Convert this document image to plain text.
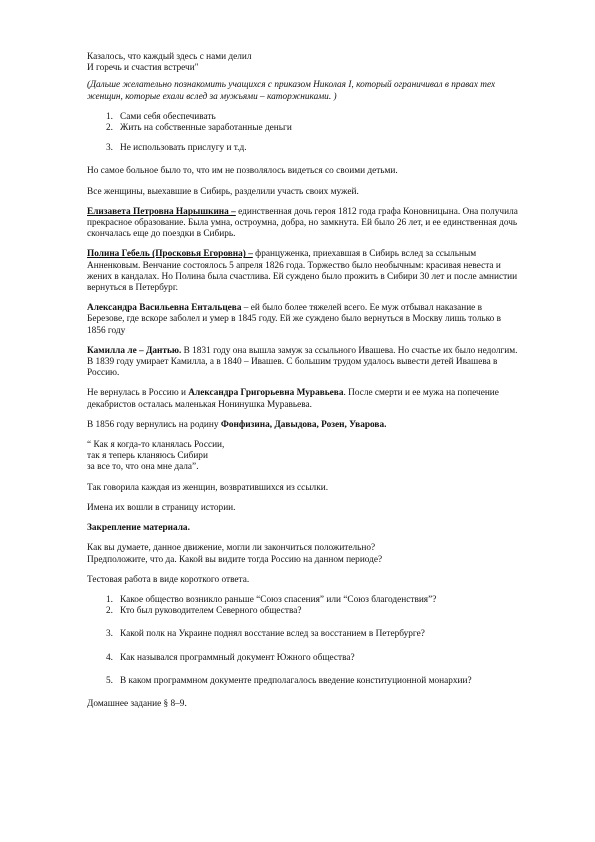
Казалось, что каждый здесь с нами делил

И горечь и счастия встречи"

(Дальше желательно познакомить учащихся с приказом Николая I, который ограничивал в правах тех женщин, которые ехали вслед за мужьями – каторжниками. )

1. Сами себя обеспечивать
2. Жить на собственные заработанные деньги
3. Не использовать прислугу и т.д.

Но самое больное было то, что им не позволялось видеться со своими детьми.

Все женщины, выехавшие в Сибирь, разделили участь своих мужей.

Елизавета Петровна Нарышкина – единственная дочь героя 1812 года графа Коновницына. Она получила прекрасное образование. Была умна, остроумна, добра, но замкнута. Ей было 26 лет, и ее единственная дочь скончалась еще до поездки в Сибирь.

Полина Гебель (Просковья Егоровна) – француженка, приехавшая в Сибирь вслед за ссыльным Анненковым. Венчание состоялось 5 апреля 1826 года. Торжество было необычным: красивая невеста и жених в кандалах. Но Полина была счастлива. Ей суждено было прожить в Сибири 30 лет и после амнистии вернуться в Петербург.

Александра Васильевна Ентальцева – ей было более тяжелей всего. Ее муж отбывал наказание в Березове, где вскоре заболел и умер в 1845 году. Ей же суждено было вернуться в Москву лишь только в 1856 году

Камилла ле – Дантью. В 1831 году она вышла замуж за ссыльного Ивашева. Но счастье их было недолгим. В 1839 году умирает Камилла, а в 1840 – Ивашев. С большим трудом удалось вывести детей Ивашева в Россию.

Не вернулась в Россию и Александра Григорьевна Муравьева. После смерти и ее мужа на попечение декабристов осталась маленькая Нонинушка Муравьева.

В 1856 году вернулись на родину Фонфизина, Давыдова, Розен, Уварова.

“ Как я когда-то кланялась России,

так я теперь кланяюсь Сибири

за все то, что она мне дала”.

Так говорила каждая из женщин, возвратившихся из ссылки.

Имена их вошли в страницу истории.

Закрепление материала.

Как вы думаете, данное движение, могли ли закончиться положительно?

Предположите, что да. Какой вы видите тогда Россию на данном периоде?

Тестовая работа в виде короткого ответа.

1. Какое общество возникло раньше “Союз спасения” или “Союз благоденствия”?
2. Кто был руководителем Северного общества?
3. Какой полк на Украине поднял восстание вслед за восстанием в Петербурге?
4. Как назывался программный документ Южного общества?
5. В каком программном документе предполагалось введение конституционной монархии?

Домашнее задание § 8–9.
